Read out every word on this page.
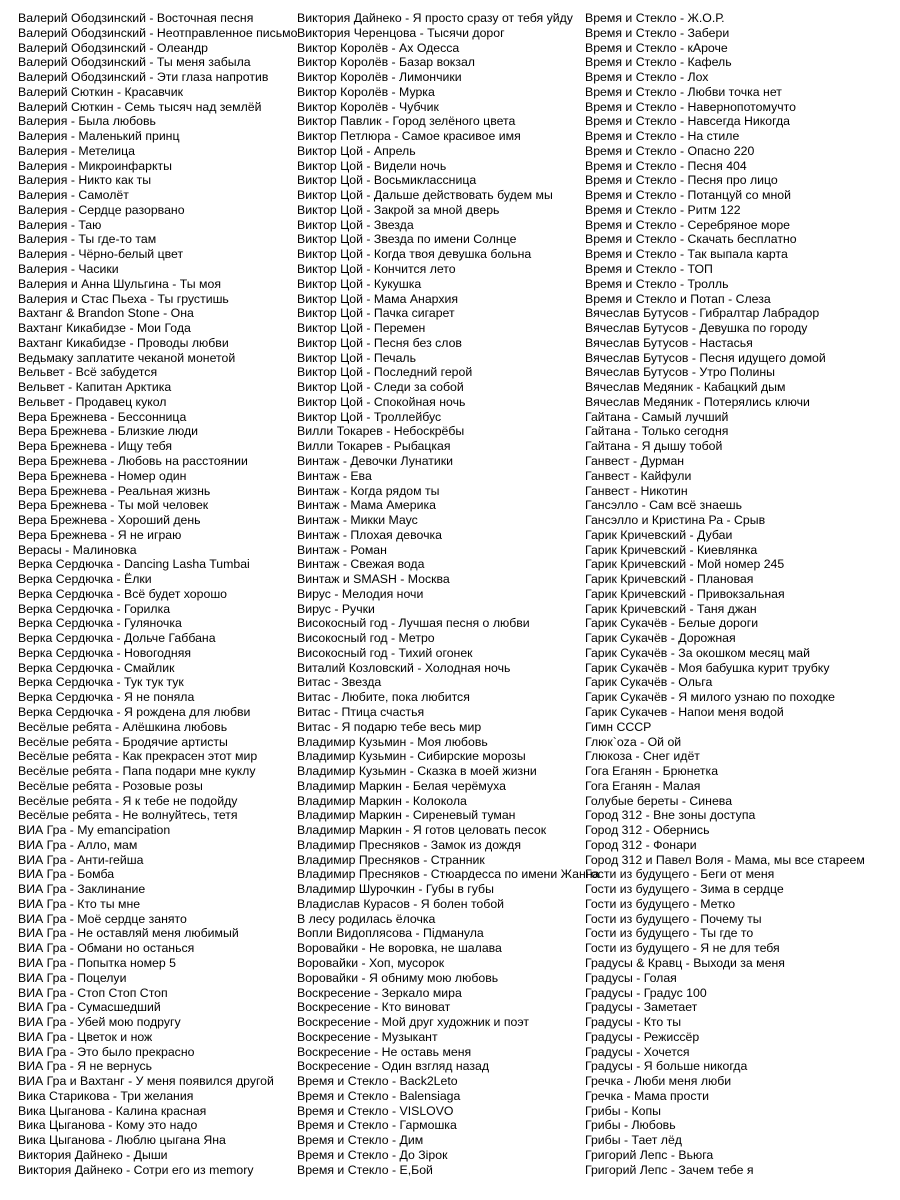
Валерий Ободзинский - Восточная песня
Валерий Ободзинский - Неотправленное письмо
Валерий Ободзинский - Олеандр
Валерий Ободзинский - Ты меня забыла
Валерий Ободзинский - Эти глаза напротив
Валерий Сюткин - Красавчик
Валерий Сюткин - Семь тысяч над землёй
Валерия - Была любовь
Валерия - Маленький принц
Валерия - Метелица
Валерия - Микроинфаркты
Валерия - Никто как ты
Валерия - Самолёт
Валерия - Сердце разорвано
Валерия - Таю
Валерия - Ты где-то там
Валерия - Чёрно-белый цвет
Валерия - Часики
Валерия и Анна Шульгина - Ты моя
Валерия и Стас Пьеха - Ты грустишь
Вахтанг & Brandon Stone - Она
Вахтанг Кикабидзе - Мои Года
Вахтанг Кикабидзе - Проводы любви
Ведьмаку заплатите чеканой монетой
Вельвет - Всё забудется
Вельвет - Капитан Арктика
Вельвет - Продавец кукол
Вера Брежнева - Бессонница
Вера Брежнева - Близкие люди
Вера Брежнева - Ищу тебя
Вера Брежнева - Любовь на расстоянии
Вера Брежнева - Номер один
Вера Брежнева - Реальная жизнь
Вера Брежнева - Ты мой человек
Вера Брежнева - Хороший день
Вера Брежнева - Я не играю
Верасы - Малиновка
Верка Сердючка - Dancing Lasha Tumbai
Верка Сердючка - Ёлки
Верка Сердючка - Всё будет хорошо
Верка Сердючка - Горилка
Верка Сердючка - Гуляночка
Верка Сердючка - Дольче Габбана
Верка Сердючка - Новогодняя
Верка Сердючка - Смайлик
Верка Сердючка - Тук тук тук
Верка Сердючка - Я не поняла
Верка Сердючка - Я рождена для любви
Весёлые ребята - Алёшкина любовь
Весёлые ребята - Бродячие артисты
Весёлые ребята - Как прекрасен этот мир
Весёлые ребята - Папа подари мне куклу
Весёлые ребята - Розовые розы
Весёлые ребята - Я к тебе не подойду
Весёлые ребята - Не волнуйтесь, тетя
ВИА Гра - My emancipation
ВИА Гра - Алло, мам
ВИА Гра - Анти-гейша
ВИА Гра - Бомба
ВИА Гра - Заклинание
ВИА Гра - Кто ты мне
ВИА Гра - Моё сердце занято
ВИА Гра - Не оставляй меня любимый
ВИА Гра - Обмани но останься
ВИА Гра - Попытка номер 5
ВИА Гра - Поцелуи
ВИА Гра - Стоп Стоп Стоп
ВИА Гра - Сумасшедший
ВИА Гра - Убей мою подругу
ВИА Гра - Цветок и нож
ВИА Гра - Это было прекрасно
ВИА Гра - Я не вернусь
ВИА Гра и Вахтанг - У меня появился другой
Вика Старикова - Три желания
Вика Цыганова - Калина красная
Вика Цыганова - Кому это надо
Вика Цыганова - Люблю цыгана Яна
Виктория Дайнеко - Дыши
Виктория Дайнеко - Сотри его из memory
Виктория Дайнеко - Я просто сразу от тебя уйду
Виктория Черенцова - Тысячи дорог
Виктор Королёв - Ах Одесса
Виктор Королёв - Базар вокзал
Виктор Королёв - Лимончики
Виктор Королёв - Мурка
Виктор Королёв - Чубчик
Виктор Павлик - Город зелёного цвета
Виктор Петлюра - Самое красивое имя
Виктор Цой - Апрель
Виктор Цой - Видели ночь
Виктор Цой - Восьмиклассница
Виктор Цой - Дальше действовать будем мы
Виктор Цой - Закрой за мной дверь
Виктор Цой - Звезда
Виктор Цой - Звезда по имени Солнце
Виктор Цой - Когда твоя девушка больна
Виктор Цой - Кончится лето
Виктор Цой - Кукушка
Виктор Цой - Мама Анархия
Виктор Цой - Пачка сигарет
Виктор Цой - Перемен
Виктор Цой - Песня без слов
Виктор Цой - Печаль
Виктор Цой - Последний герой
Виктор Цой - Следи за собой
Виктор Цой - Спокойная ночь
Виктор Цой - Троллейбус
Вилли Токарев - Небоскрёбы
Вилли Токарев - Рыбацкая
Винтаж - Девочки Лунатики
Винтаж - Ева
Винтаж - Когда рядом ты
Винтаж - Мама Америка
Винтаж - Микки Маус
Винтаж - Плохая девочка
Винтаж - Роман
Винтаж - Свежая вода
Винтаж и SMASH - Москва
Вирус - Мелодия ночи
Вирус - Ручки
Високосный год - Лучшая песня о любви
Високосный год - Метро
Високосный год - Тихий огонек
Виталий Козловский - Холодная ночь
Витас - Звезда
Витас - Любите, пока любится
Витас - Птица счастья
Витас - Я подарю тебе весь мир
Владимир Кузьмин - Моя любовь
Владимир Кузьмин - Сибирские морозы
Владимир Кузьмин - Сказка в моей жизни
Владимир Маркин - Белая черёмуха
Владимир Маркин - Колокола
Владимир Маркин - Сиреневый туман
Владимир Маркин - Я готов целовать песок
Владимир Пресняков - Замок из дождя
Владимир Пресняков - Странник
Владимир Пресняков - Стюардесса по имени Жанна
Владимир Шурочкин - Губы в губы
Владислав Курасов - Я болен тобой
В лесу родилась ёлочка
Вопли Видоплясова - Пiдманула
Воровайки - Не воровка, не шалава
Воровайки - Хоп, мусорок
Воровайки - Я обниму мою любовь
Воскресение - Зеркало мира
Воскресение - Кто виноват
Воскресение - Мой друг художник и поэт
Воскресение - Музыкант
Воскресение - Не оставь меня
Воскресение - Один взгляд назад
Время и Стекло - Back2Leto
Время и Стекло - Balensiaga
Время и Стекло - VISLOVO
Время и Стекло - Гармошка
Время и Стекло - Дим
Время и Стекло - До Зірок
Время и Стекло - Е,Бой
Время и Стекло - Ж.О.Р.
Время и Стекло - Забери
Время и Стекло - кАроче
Время и Стекло - Кафель
Время и Стекло - Лох
Время и Стекло - Любви точка нет
Время и Стекло - Навернопотомучто
Время и Стекло - Навсегда Никогда
Время и Стекло - На стиле
Время и Стекло - Опасно 220
Время и Стекло - Песня 404
Время и Стекло - Песня про лицо
Время и Стекло - Потанцуй со мной
Время и Стекло - Ритм 122
Время и Стекло - Серебряное море
Время и Стекло - Скачать бесплатно
Время и Стекло - Так выпала карта
Время и Стекло - ТОП
Время и Стекло - Тролль
Время и Стекло и Потап - Слеза
Вячеслав Бутусов - Гибралтар Лабрадор
Вячеслав Бутусов - Девушка по городу
Вячеслав Бутусов - Настасья
Вячеслав Бутусов - Песня идущего домой
Вячеслав Бутусов - Утро Полины
Вячеслав Медяник - Кабацкий дым
Вячеслав Медяник - Потерялись ключи
Гайтана - Самый лучший
Гайтана - Только сегодня
Гайтана - Я дышу тобой
Ганвест - Дурман
Ганвест - Кайфули
Ганвест - Никотин
Гансэлло - Сам всё знаешь
Гансэлло и Кристина Ра - Срыв
Гарик Кричевский - Дубаи
Гарик Кричевский - Киевлянка
Гарик Кричевский - Мой номер 245
Гарик Кричевский - Плановая
Гарик Кричевский - Привокзальная
Гарик Кричевский - Таня джан
Гарик Сукачёв - Белые дороги
Гарик Сукачёв - Дорожная
Гарик Сукачёв - За окошком месяц май
Гарик Сукачёв - Моя бабушка курит трубку
Гарик Сукачёв - Ольга
Гарик Сукачёв - Я милого узнаю по походке
Гарик Сукачев - Напои меня водой
Гимн СССР
Глюк`oza - Ой ой
Глюкоза - Снег идёт
Гога Еганян - Брюнетка
Гога Еганян - Малая
Голубые береты - Синева
Город 312 - Вне зоны доступа
Город 312 - Обернись
Город 312 - Фонари
Город 312 и Павел Воля - Мама, мы все стареем
Гости из будущего - Беги от меня
Гости из будущего - Зима в сердце
Гости из будущего - Метко
Гости из будущего - Почему ты
Гости из будущего - Ты где то
Гости из будущего - Я не для тебя
Градусы & Кравц - Выходи за меня
Градусы - Голая
Градусы - Градус 100
Градусы - Заметает
Градусы - Кто ты
Градусы - Режиссёр
Градусы - Хочется
Градусы - Я больше никогда
Гречка - Люби меня люби
Гречка - Мама прости
Грибы - Копы
Грибы - Любовь
Грибы - Тает лёд
Григорий Лепс - Вьюга
Григорий Лепс - Зачем тебе я
